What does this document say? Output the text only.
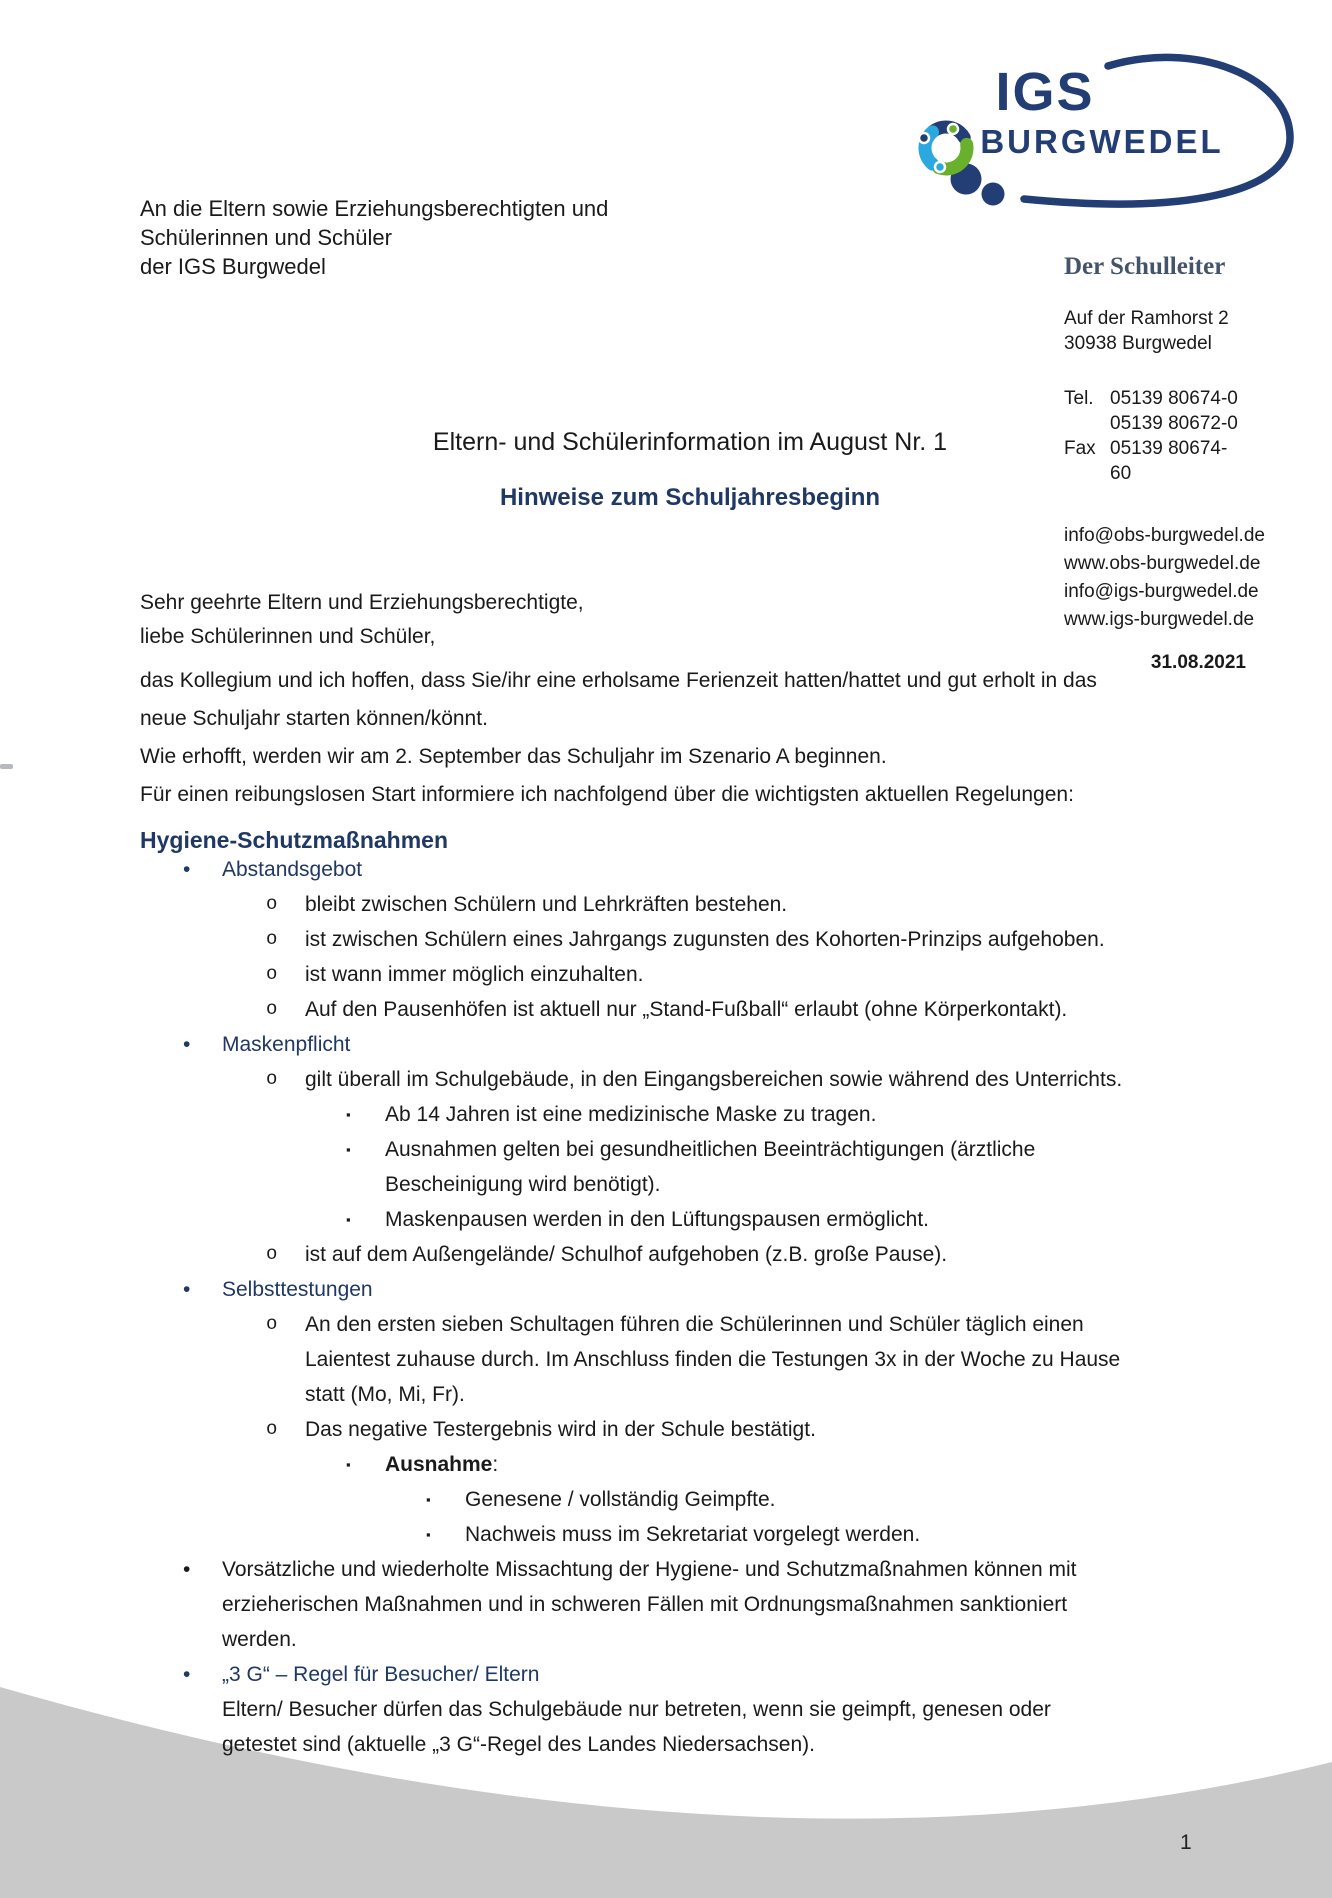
IGS
BURGWEDEL
An die Eltern sowie Erziehungsberechtigten und
Schülerinnen und Schüler
der IGS Burgwedel	Der Schulleiter
Auf der Ramhorst 2
30938 Burgwedel
Tel. 05139 80674-0
05139 80672-0
Fax 05139 80674-60
info@obs-burgwedel.de
www.obs-burgwedel.de
info@igs-burgwedel.de
www.igs-burgwedel.de
31.08.2021
Eltern- und Schülerinformation im August Nr. 1
Hinweise zum Schuljahresbeginn
Sehr geehrte Eltern und Erziehungsberechtigte,
liebe Schülerinnen und Schüler,
das Kollegium und ich hoffen, dass Sie/ihr eine erholsame Ferienzeit hatten/hattet und gut erholt in das
neue Schuljahr starten können/könnt.
Wie erhofft, werden wir am 2. September das Schuljahr im Szenario A beginnen.
Für einen reibungslosen Start informiere ich nachfolgend über die wichtigsten aktuellen Regelungen:
Hygiene-Schutzmaßnahmen
•	Abstandsgebot
o	bleibt zwischen Schülern und Lehrkräften bestehen.
o	ist zwischen Schülern eines Jahrgangs zugunsten des Kohorten-Prinzips aufgehoben.
o	ist wann immer möglich einzuhalten.
o	Auf den Pausenhöfen ist aktuell nur „Stand-Fußball“ erlaubt (ohne Körperkontakt).
•	Maskenpflicht
o	gilt überall im Schulgebäude, in den Eingangsbereichen sowie während des Unterrichts.
▪	Ab 14 Jahren ist eine medizinische Maske zu tragen.
▪	Ausnahmen gelten bei gesundheitlichen Beeinträchtigungen (ärztliche
Bescheinigung wird benötigt).
▪	Maskenpausen werden in den Lüftungspausen ermöglicht.
o	ist auf dem Außengelände/ Schulhof aufgehoben (z.B. große Pause).
•	Selbsttestungen
o	An den ersten sieben Schultagen führen die Schülerinnen und Schüler täglich einen
Laientest zuhause durch. Im Anschluss finden die Testungen 3x in der Woche zu Hause
statt (Mo, Mi, Fr).
o	Das negative Testergebnis wird in der Schule bestätigt.
▪	Ausnahme:
▪	Genesene / vollständig Geimpfte.
▪	Nachweis muss im Sekretariat vorgelegt werden.
•	Vorsätzliche und wiederholte Missachtung der Hygiene- und Schutzmaßnahmen können mit
erzieherischen Maßnahmen und in schweren Fällen mit Ordnungsmaßnahmen sanktioniert
werden.
•	„3 G“ – Regel für Besucher/ Eltern
Eltern/ Besucher dürfen das Schulgebäude nur betreten, wenn sie geimpft, genesen oder
getestet sind (aktuelle „3 G“-Regel des Landes Niedersachsen).
1
